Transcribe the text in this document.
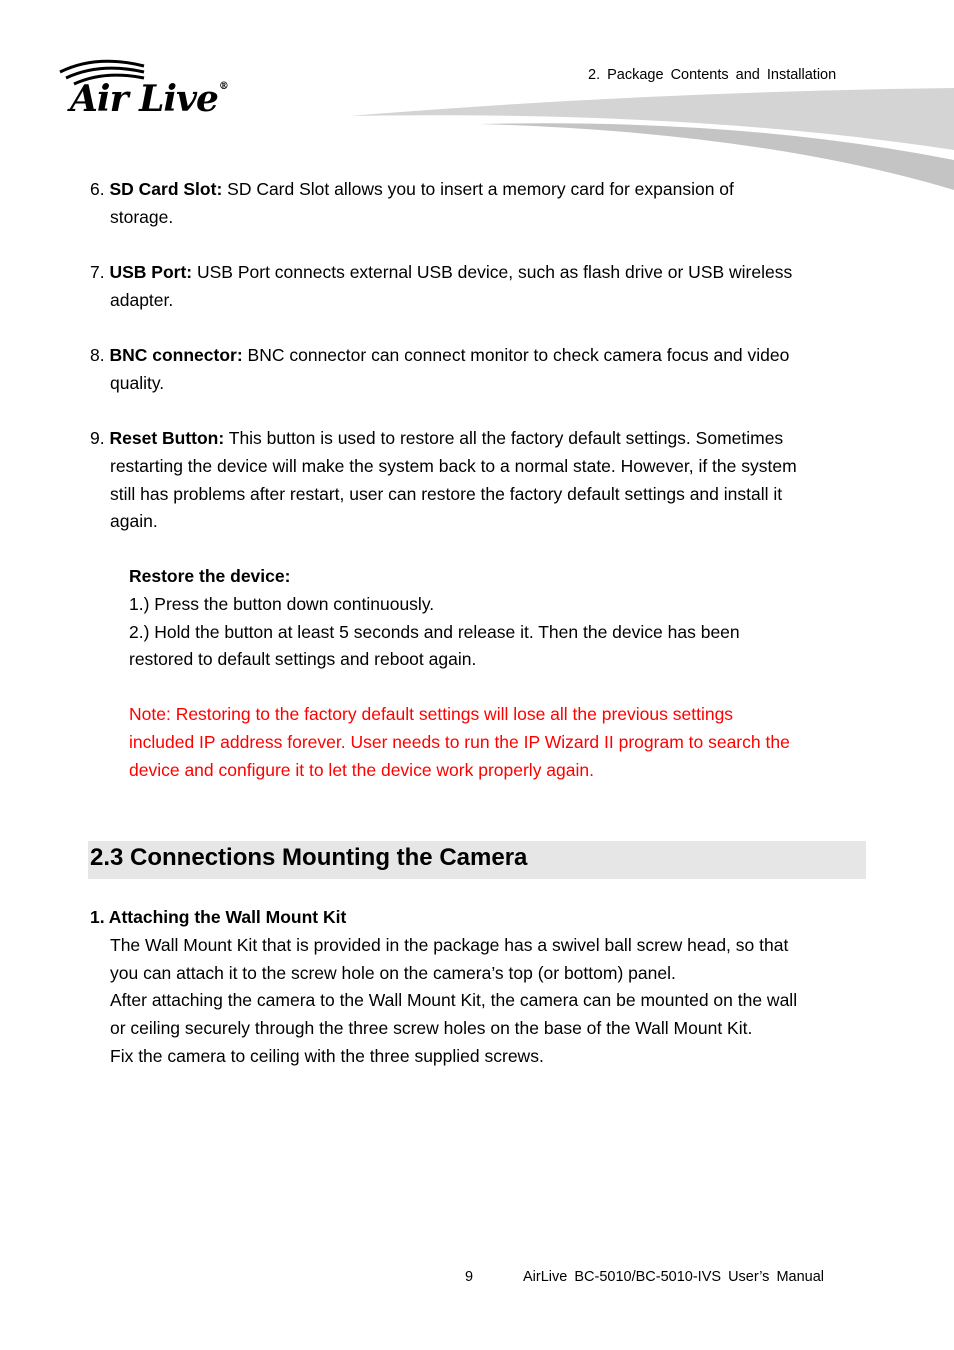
Air Live®
2. Package Contents and Installation
6. SD Card Slot: SD Card Slot allows you to insert a memory card for expansion of
storage.
7. USB Port: USB Port connects external USB device, such as flash drive or USB wireless
adapter.
8. BNC connector: BNC connector can connect monitor to check camera focus and video
quality.
9. Reset Button: This button is used to restore all the factory default settings. Sometimes
restarting the device will make the system back to a normal state. However, if the system
still has problems after restart, user can restore the factory default settings and install it
again.
Restore the device:
1.) Press the button down continuously.
2.) Hold the button at least 5 seconds and release it. Then the device has been
restored to default settings and reboot again.
Note: Restoring to the factory default settings will lose all the previous settings
included IP address forever. User needs to run the IP Wizard II program to search the
device and configure it to let the device work properly again.
2.3 Connections Mounting the Camera
1. Attaching the Wall Mount Kit
The Wall Mount Kit that is provided in the package has a swivel ball screw head, so that
you can attach it to the screw hole on the camera’s top (or bottom) panel.
After attaching the camera to the Wall Mount Kit, the camera can be mounted on the wall
or ceiling securely through the three screw holes on the base of the Wall Mount Kit.
Fix the camera to ceiling with the three supplied screws.
9	AirLive BC-5010/BC-5010-IVS User’s Manual
